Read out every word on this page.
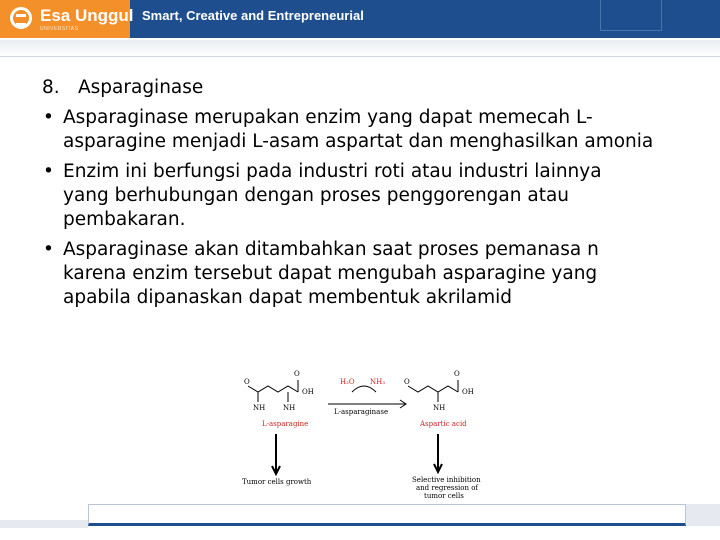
UNIVERSITAS
Esa Unggul Smart, Creative and Entrepreneurial
8. Asparaginase
• Asparaginase merupakan enzim yang dapat memecah L-
asparagine menjadi L-asam aspartat dan menghasilkan amonia
• Enzim ini berfungsi pada industri roti atau industri lainnya
yang berhubungan dengan proses penggorengan atau
pembakaran.
• Asparaginase akan ditambahkan saat proses pemanasa n
karena enzim tersebut dapat mengubah asparagine yang
apabila dipanaskan dapat membentuk akrilamid
O
O
OH
NH	NH
H₂O NH₃
L-asparaginase
O
O
OH
NH
L-asparagine	Aspartic acid
Tumor cells growth	Selective inhibition
and regression of
tumor cells
